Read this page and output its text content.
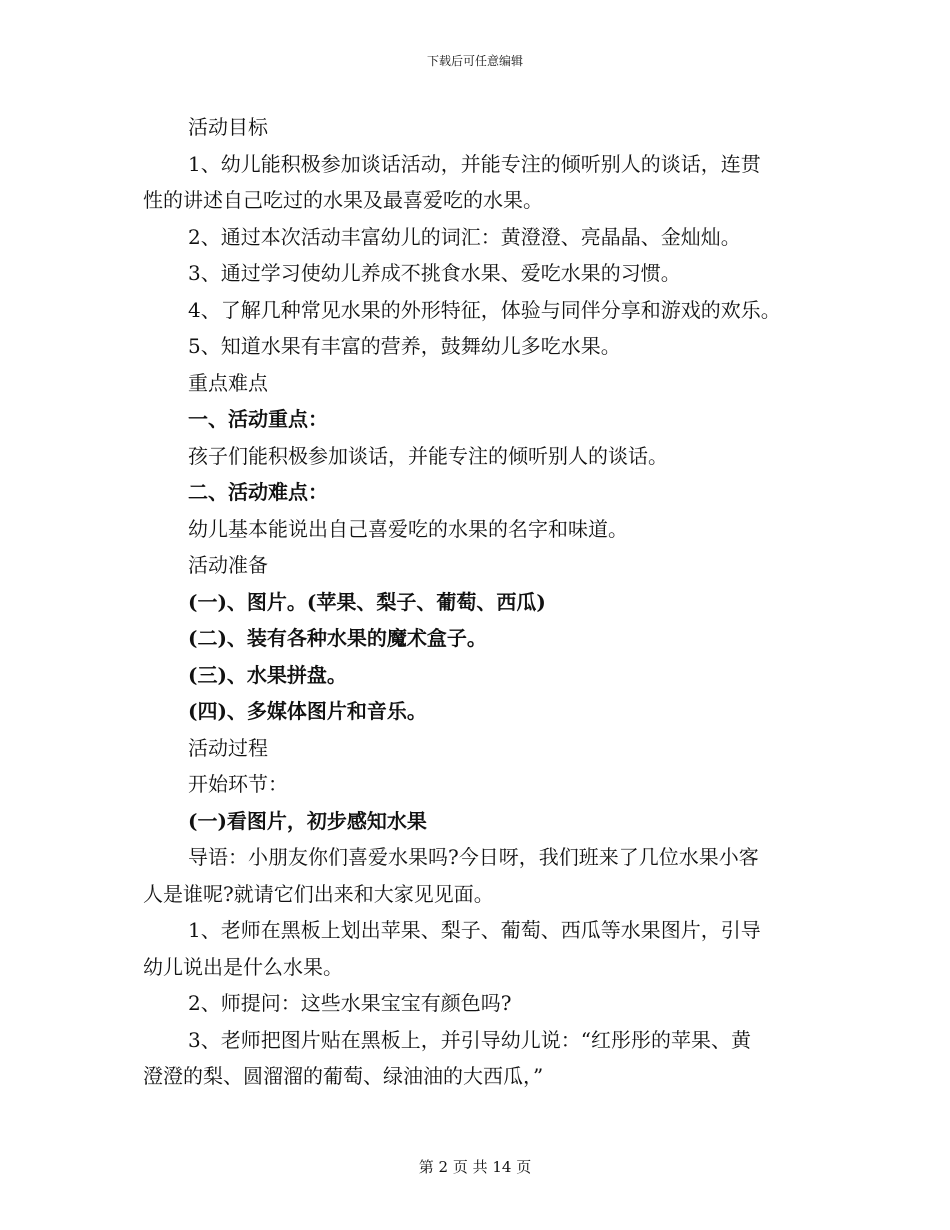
下载后可任意编辑

活动目标

1、幼儿能积极参加谈话活动，并能专注的倾听别人的谈话，连贯

性的讲述自己吃过的水果及最喜爱吃的水果。

2、通过本次活动丰富幼儿的词汇：黄澄澄、亮晶晶、金灿灿。

3、通过学习使幼儿养成不挑食水果、爱吃水果的习惯。

4、了解几种常见水果的外形特征，体验与同伴分享和游戏的欢乐。

5、知道水果有丰富的营养，鼓舞幼儿多吃水果。

重点难点

一、活动重点：

孩子们能积极参加谈话，并能专注的倾听别人的谈话。

二、活动难点：

幼儿基本能说出自己喜爱吃的水果的名字和味道。

活动准备

(一)、图片。(苹果、梨子、葡萄、西瓜)

(二)、装有各种水果的魔术盒子。

(三)、水果拼盘。

(四)、多媒体图片和音乐。

活动过程

开始环节：

(一)看图片，初步感知水果

导语：小朋友你们喜爱水果吗?今日呀，我们班来了几位水果小客

人是谁呢?就请它们出来和大家见见面。

1、老师在黑板上划出苹果、梨子、葡萄、西瓜等水果图片，引导

幼儿说出是什么水果。

2、师提问：这些水果宝宝有颜色吗?

3、老师把图片贴在黑板上，并引导幼儿说：“红彤彤的苹果、黄

澄澄的梨、圆溜溜的葡萄、绿油油的大西瓜，”

第 2 页 共 14 页
